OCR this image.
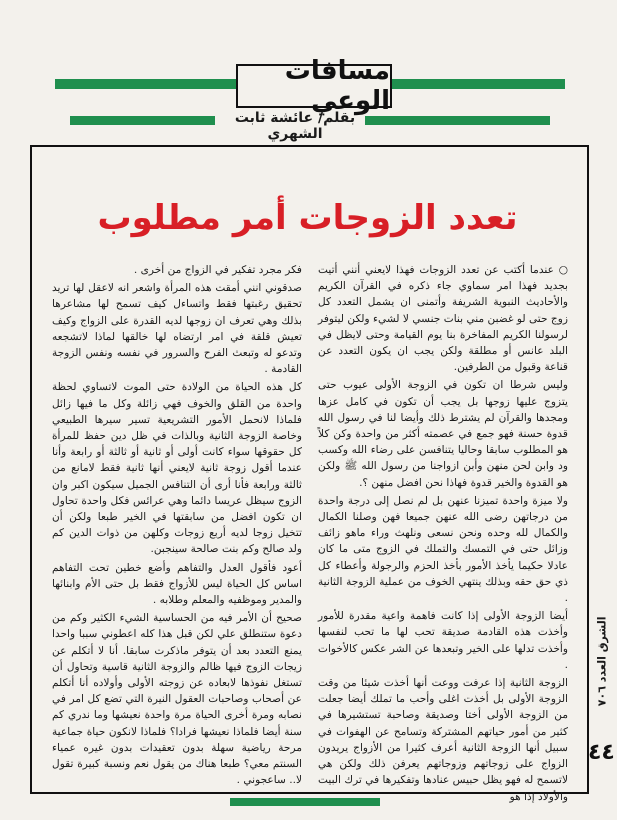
مسافات الوعي
بقلم/ عائشة ثابت الشهري
تعدد الزوجات أمر مطلوب

○ عندما أكتب عن تعدد الزوجات فهذا لايعني أنني أتيت بجديد فهذا امر سماوي جاء ذكره في القرآن الكريم والأحاديث النبوية الشريفة وأتمنى ان يشمل التعدد كل زوج حتى لو غضبن مني بنات جنسي لا لشيء ولكن ليتوفر لرسولنا الكريم المفاخرة بنا يوم القيامة وحتى لايظل في البلد عانس أو مطلقة ولكن يجب ان يكون التعدد عن قناعة وقبول من الطرفين.

وليس شرطا ان تكون في الزوجة الأولى عيوب حتى يتزوج عليها زوجها بل يجب أن تكون في كامل عزها ومجدها والقرآن لم يشترط ذلك وأيضا لنا في رسول الله قدوة حسنة فهو جمع في عصمته أكثر من واحدة وكن كلاً هو المطلوب سابقا وحاليا يتنافسن على رضاء الله وكسب ود وابن لحن منهن وأبن ازواجنا من رسول الله ﷺ ولكن هو القدوة والخير قدوة فهاذا نحن افضل منهن ؟.

ولا ميزة واحدة تميزنا عنهن بل لم نصل إلى درجة واحدة من درجاتهن رضى الله عنهن جميعا فهن وصلنا الكمال والكمال لله وحده ونحن نسعى ونلهث وراء ماهو زائف وزائل حتى في التمسك والتملك في الزوج متى ما كان عادلا حكيما يأخذ الأمور بأخذ الحزم والرجولة وأعطاء كل ذي حق حقه وبذلك ينتهي الخوف من عملية الزوجة الثانية .

أيضا الزوجة الأولى إذا كانت فاهمة واعية مقدرة للأمور وأخذت هذه القادمة صديقة تحب لها ما تحب لنفسها وأخذت تدلها على الخير وتبعدها عن الشر عكس كالأخوات .

الزوجة الثانية إذا عرفت ووعت أنها أخذت شيئا من وقت الزوجة الأولى بل أخذت اغلى وأحب ما تملك أيضا جعلت من الزوجة الأولى أختا وصديقة وصاحبة تستشيرها في كثير من أمور حياتهم المشتركة وتسامح عن الهفوات في سبيل أنها الزوجة الثانية أعرف كثيرا من الأزواج يريدون الزواج على زوجاتهم وزوجاتهم يعرفن ذلك ولكن هي لاتسمح له فهو يظل حبيس عنادها وتفكيرها في ترك البيت والأولاد إذا هو

فكر مجرد تفكير في الزواج من أخرى .

صدقوني انني أمقت هذه المرأة واشعر انه لاعقل لها تريد تحقيق رغبتها فقط واتساءل كيف تسمح لها مشاعرها بذلك وهي تعرف ان زوجها لديه القدرة على الزواج وكيف تعيش قلقة في امر ارتضاه لها خالقها لماذا لاتشجعه وتدعو له وتبعث الفرح والسرور في نفسه ونفس الزوجة القادمة .

كل هذه الحياة من الولادة حتى الموت لاتساوي لحظة واحدة من القلق والخوف فهي زائلة وكل ما فيها زائل فلماذا لانحمل الأمور التشريعية تسير سيرها الطبيعي وخاصة الزوجة الثانية وبالذات في ظل دين حفظ للمرأة كل حقوقها سواء كانت أولى أو ثانية أو ثالثة أو رابعة وأنا عندما أقول زوجة ثانية لايعني أنها ثانية فقط لامانع من ثالثة ورابعة فأنا أرى أن التنافس الجميل سيكون اكبر وان الزوج سيظل عريسا دائما وهي عرائس فكل واحدة تحاول ان تكون افضل من سابقتها في الخير طبعا ولكن أن تتخيل زوجا لديه أربع زوجات وكلهن من ذوات الدين كم ولد صالح وكم بنت صالحة سينجبن.

أعود فأقول العدل والتفاهم وأضع خطين تحت التفاهم اساس كل الحياة ليس للأزواج فقط بل حتى الأم وابنائها والمدير وموظفيه والمعلم وطلابه .

صحيح أن الأمر فيه من الحساسية الشيء الكثير وكم من دعوة ستنطلق علي لكن قبل هذا كله اعطوني سببا واحدا يمنع التعدد بعد أن يتوفر ماذكرت سابقا. أنا لا أتكلم عن زيجات الزوج فيها ظالم والزوجة الثانية قاسية وتحاول أن تستغل نفوذها لابعاده عن زوجته الأولى وأولاده أنا أتكلم عن أصحاب وصاحبات العقول النيرة التي تضع كل امر في نصابه ومرة أخرى الحياة مرة واحدة نعيشها وما ندري كم سنة أيضا فلماذا نعيشها فرادا؟ فلماذا لانكون حياة جماعية مرحة رياضية سهلة بدون تعقيدات بدون غيره عمياء السنتم معي؟ طبعا هناك من يقول نعم ونسبة كبيرة تقول لا.. ساعجوني .

الشرق العدد ٧٠٦
٤٤
